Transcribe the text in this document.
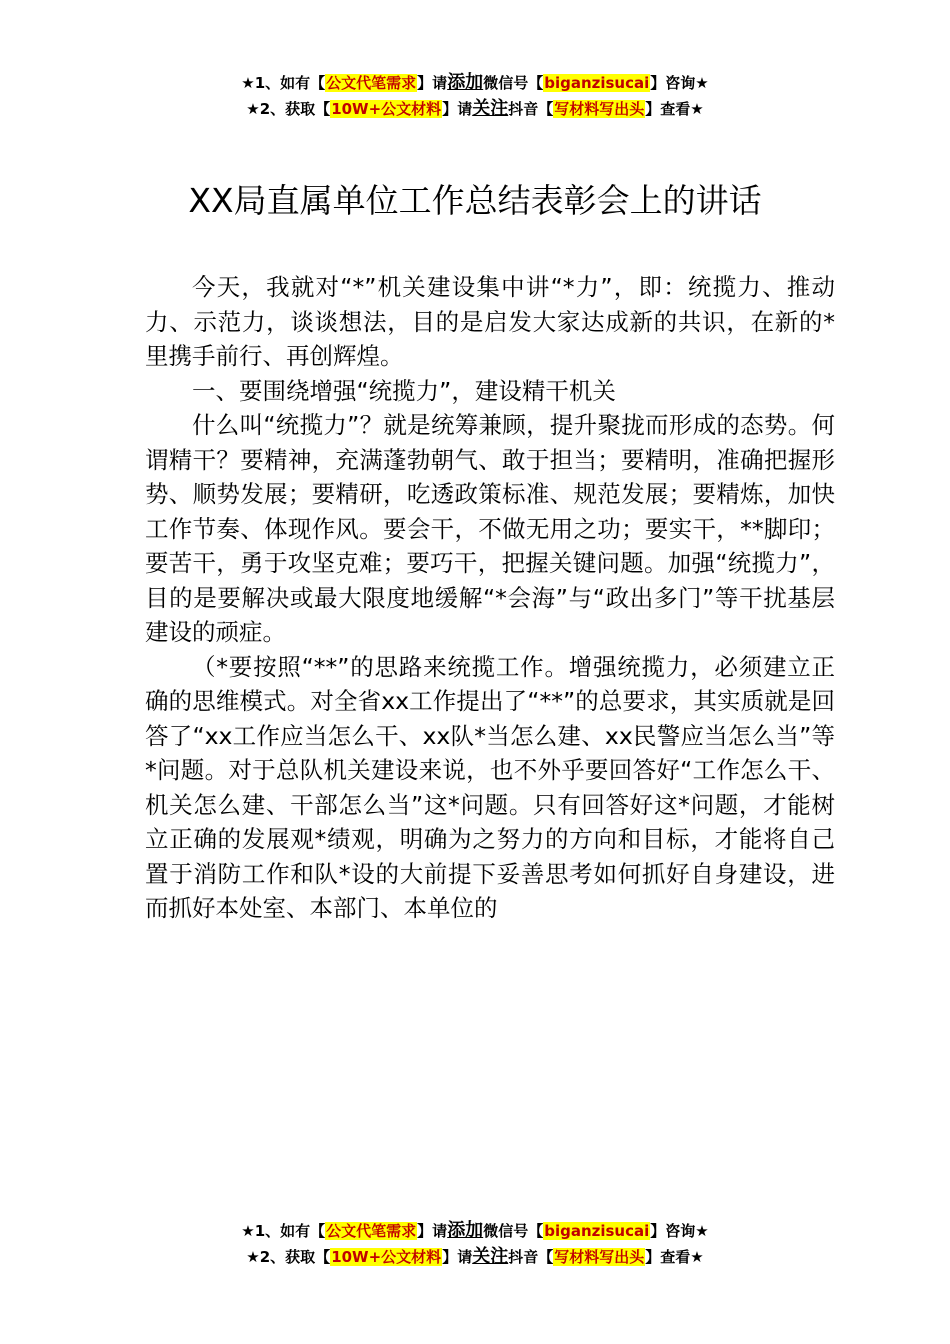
★1、如有【公文代笔需求】请添加微信号【biganzisucai】咨询★
★2、获取【10W+公文材料】请关注抖音【写材料写出头】查看★
XX局直属单位工作总结表彰会上的讲话

今天，我就对“*”机关建设集中讲“*力”，即：统揽力、推动力、示范力，谈谈想法，目的是启发大家达成新的共识，在新的*里携手前行、再创辉煌。

一、要围绕增强“统揽力”，建设精干机关

什么叫“统揽力”？就是统筹兼顾，提升聚拢而形成的态势。何谓精干？要精神，充满蓬勃朝气、敢于担当；要精明，准确把握形势、顺势发展；要精研，吃透政策标准、规范发展；要精炼，加快工作节奏、体现作风。要会干，不做无用之功；要实干，**脚印；要苦干，勇于攻坚克难；要巧干，把握关键问题。加强“统揽力”，目的是要解决或最大限度地缓解“*会海”与“政出多门”等干扰基层建设的顽症。

（*要按照“**”的思路来统揽工作。增强统揽力，必须建立正确的思维模式。对全省xx工作提出了“**”的总要求，其实质就是回答了“xx工作应当怎么干、xx队*当怎么建、xx民警应当怎么当”等*问题。对于总队机关建设来说，也不外乎要回答好“工作怎么干、机关怎么建、干部怎么当”这*问题。只有回答好这*问题，才能树立正确的发展观*绩观，明确为之努力的方向和目标，才能将自己置于消防工作和队*设的大前提下妥善思考如何抓好自身建设，进而抓好本处室、本部门、本单位的

★1、如有【公文代笔需求】请添加微信号【biganzisucai】咨询★
★2、获取【10W+公文材料】请关注抖音【写材料写出头】查看★
